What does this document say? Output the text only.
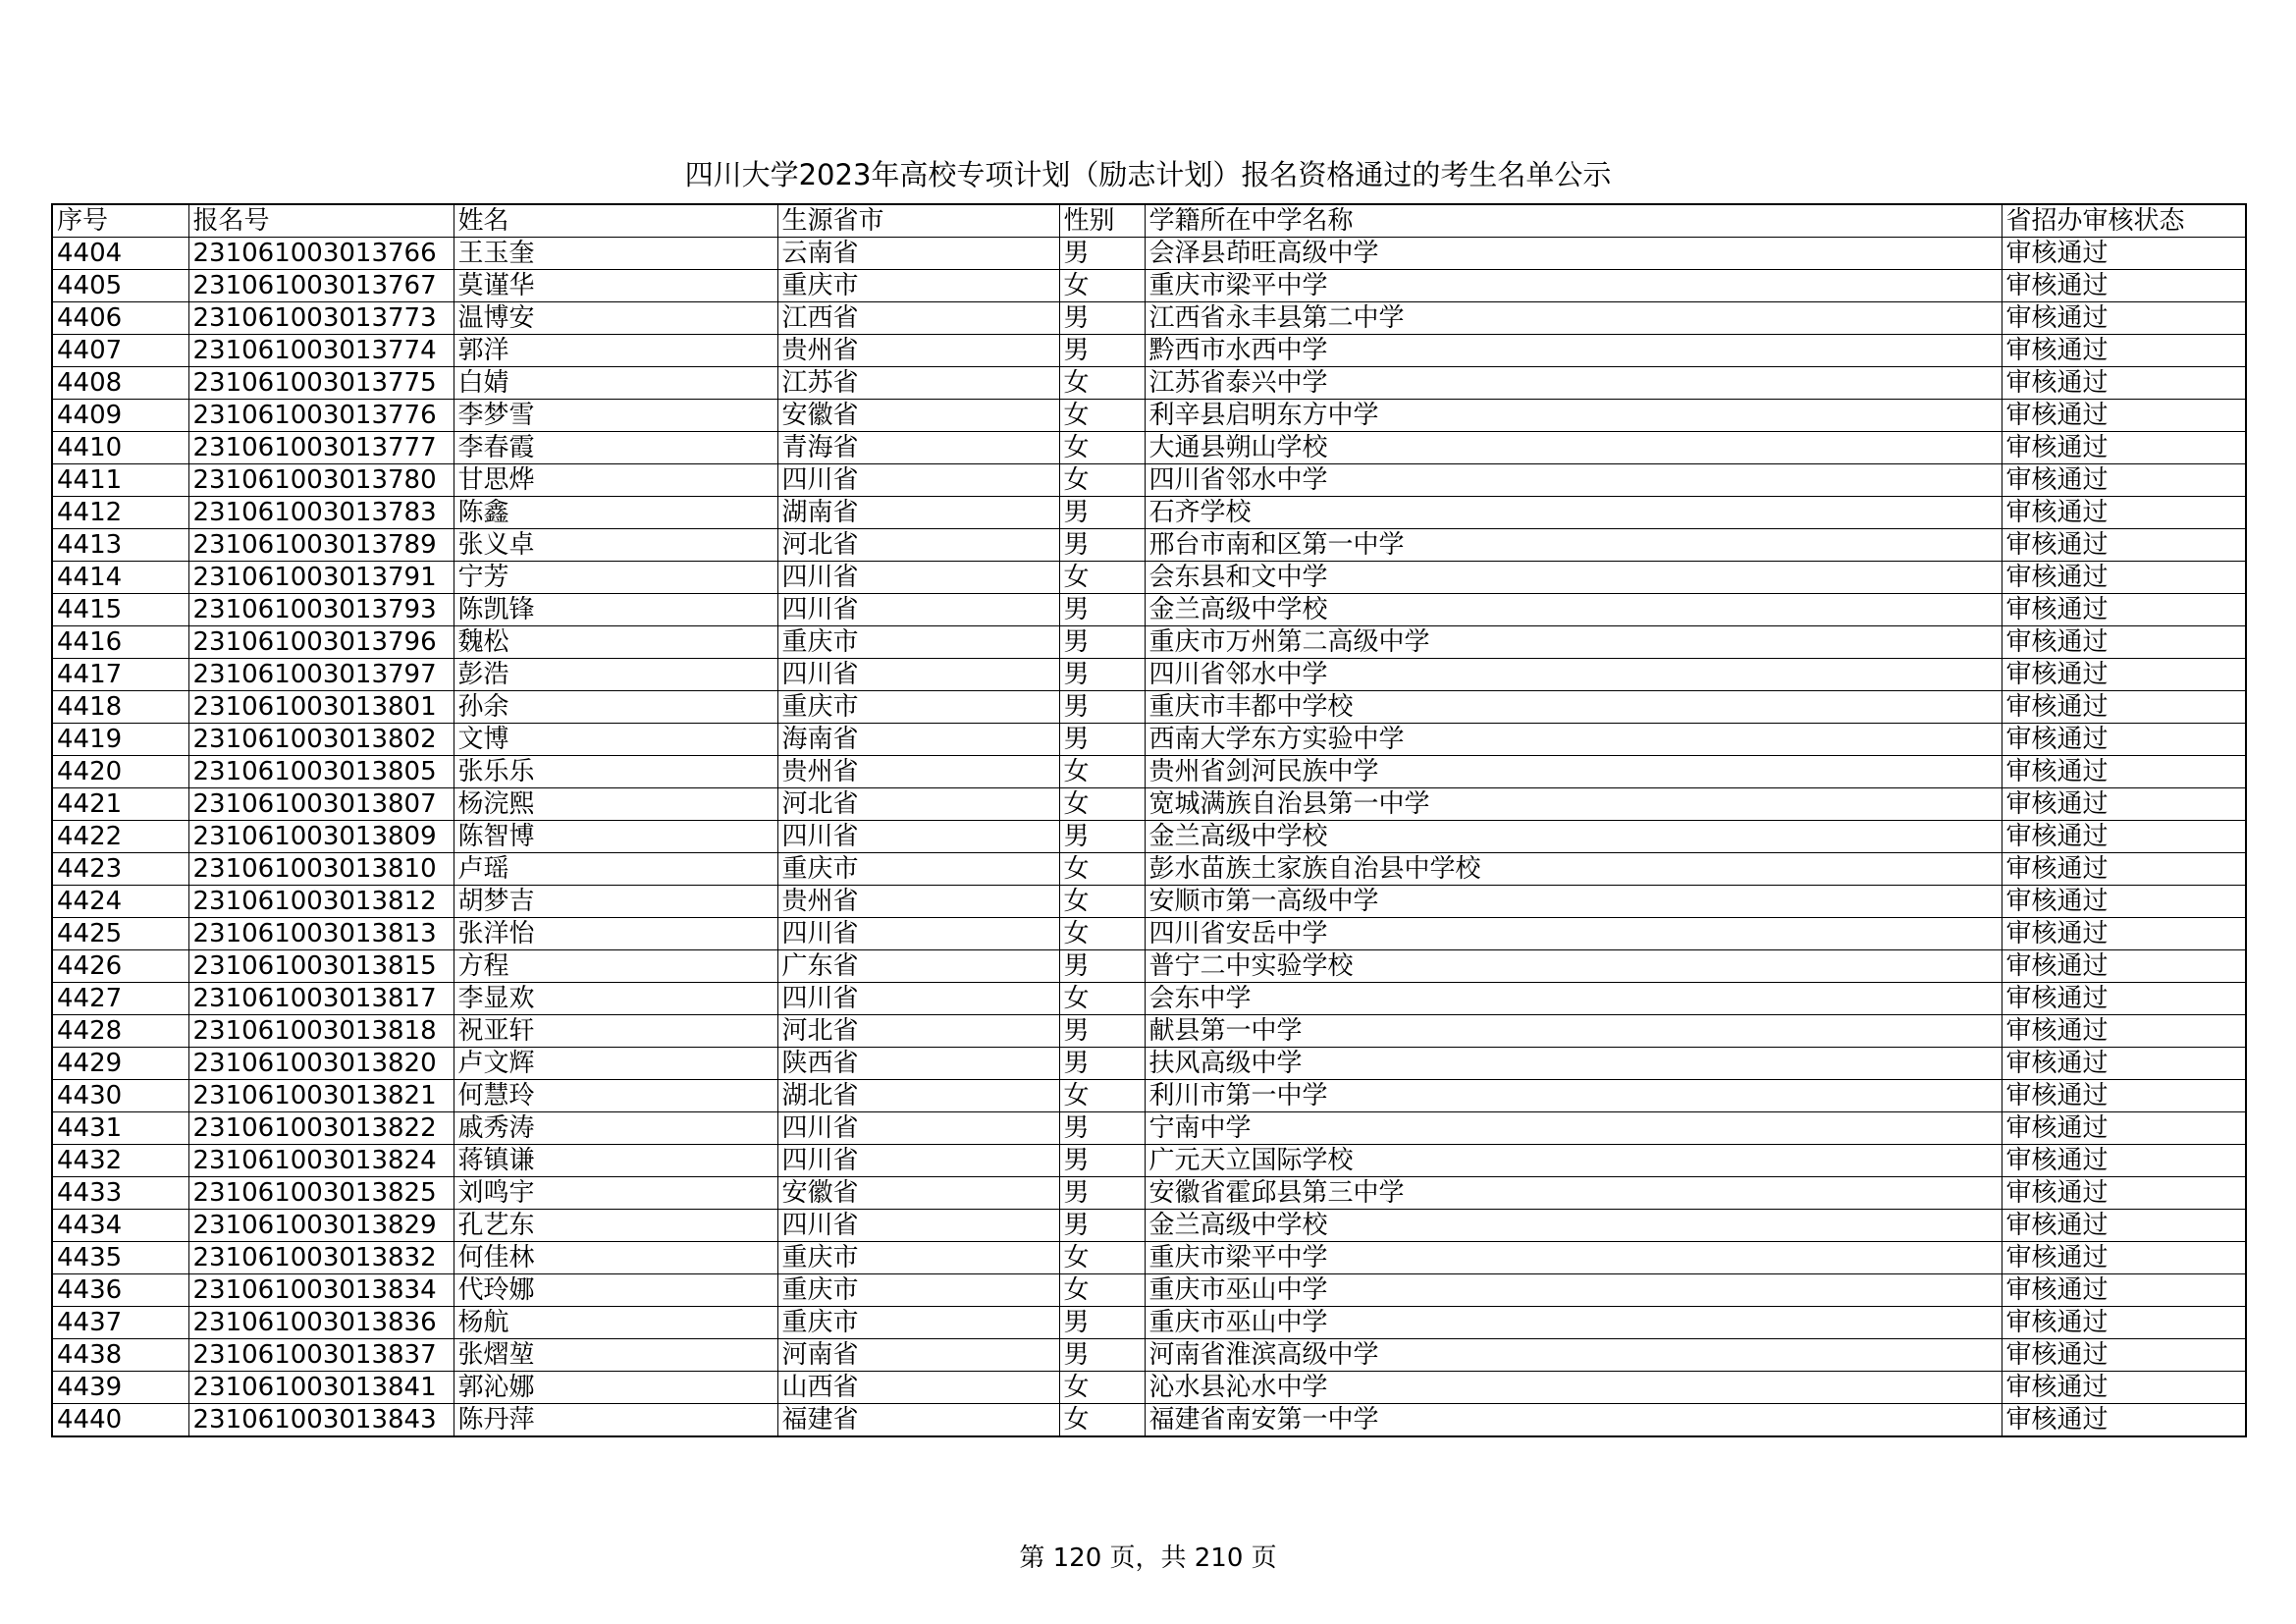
四川大学2023年高校专项计划（励志计划）报名资格通过的考生名单公示
序号	报名号	姓名	生源省市	性别	学籍所在中学名称	省招办审核状态
4404	231061003013766	王玉奎	云南省	男	会泽县茚旺高级中学	审核通过
4405	231061003013767	莫谨华	重庆市	女	重庆市梁平中学	审核通过
4406	231061003013773	温博安	江西省	男	江西省永丰县第二中学	审核通过
4407	231061003013774	郭洋	贵州省	男	黔西市水西中学	审核通过
4408	231061003013775	白婧	江苏省	女	江苏省泰兴中学	审核通过
4409	231061003013776	李梦雪	安徽省	女	利辛县启明东方中学	审核通过
4410	231061003013777	李春霞	青海省	女	大通县朔山学校	审核通过
4411	231061003013780	甘思烨	四川省	女	四川省邻水中学	审核通过
4412	231061003013783	陈鑫	湖南省	男	石齐学校	审核通过
4413	231061003013789	张义卓	河北省	男	邢台市南和区第一中学	审核通过
4414	231061003013791	宁芳	四川省	女	会东县和文中学	审核通过
4415	231061003013793	陈凯锋	四川省	男	金兰高级中学校	审核通过
4416	231061003013796	魏松	重庆市	男	重庆市万州第二高级中学	审核通过
4417	231061003013797	彭浩	四川省	男	四川省邻水中学	审核通过
4418	231061003013801	孙余	重庆市	男	重庆市丰都中学校	审核通过
4419	231061003013802	文博	海南省	男	西南大学东方实验中学	审核通过
4420	231061003013805	张乐乐	贵州省	女	贵州省剑河民族中学	审核通过
4421	231061003013807	杨浣熙	河北省	女	宽城满族自治县第一中学	审核通过
4422	231061003013809	陈智博	四川省	男	金兰高级中学校	审核通过
4423	231061003013810	卢瑶	重庆市	女	彭水苗族土家族自治县中学校	审核通过
4424	231061003013812	胡梦吉	贵州省	女	安顺市第一高级中学	审核通过
4425	231061003013813	张洋怡	四川省	女	四川省安岳中学	审核通过
4426	231061003013815	方程	广东省	男	普宁二中实验学校	审核通过
4427	231061003013817	李显欢	四川省	女	会东中学	审核通过
4428	231061003013818	祝亚轩	河北省	男	献县第一中学	审核通过
4429	231061003013820	卢文辉	陕西省	男	扶风高级中学	审核通过
4430	231061003013821	何慧玲	湖北省	女	利川市第一中学	审核通过
4431	231061003013822	戚秀涛	四川省	男	宁南中学	审核通过
4432	231061003013824	蒋镇谦	四川省	男	广元天立国际学校	审核通过
4433	231061003013825	刘鸣宇	安徽省	男	安徽省霍邱县第三中学	审核通过
4434	231061003013829	孔艺东	四川省	男	金兰高级中学校	审核通过
4435	231061003013832	何佳林	重庆市	女	重庆市梁平中学	审核通过
4436	231061003013834	代玲娜	重庆市	女	重庆市巫山中学	审核通过
4437	231061003013836	杨航	重庆市	男	重庆市巫山中学	审核通过
4438	231061003013837	张熠堃	河南省	男	河南省淮滨高级中学	审核通过
4439	231061003013841	郭沁娜	山西省	女	沁水县沁水中学	审核通过
4440	231061003013843	陈丹萍	福建省	女	福建省南安第一中学	审核通过
第 120 页，共 210 页
